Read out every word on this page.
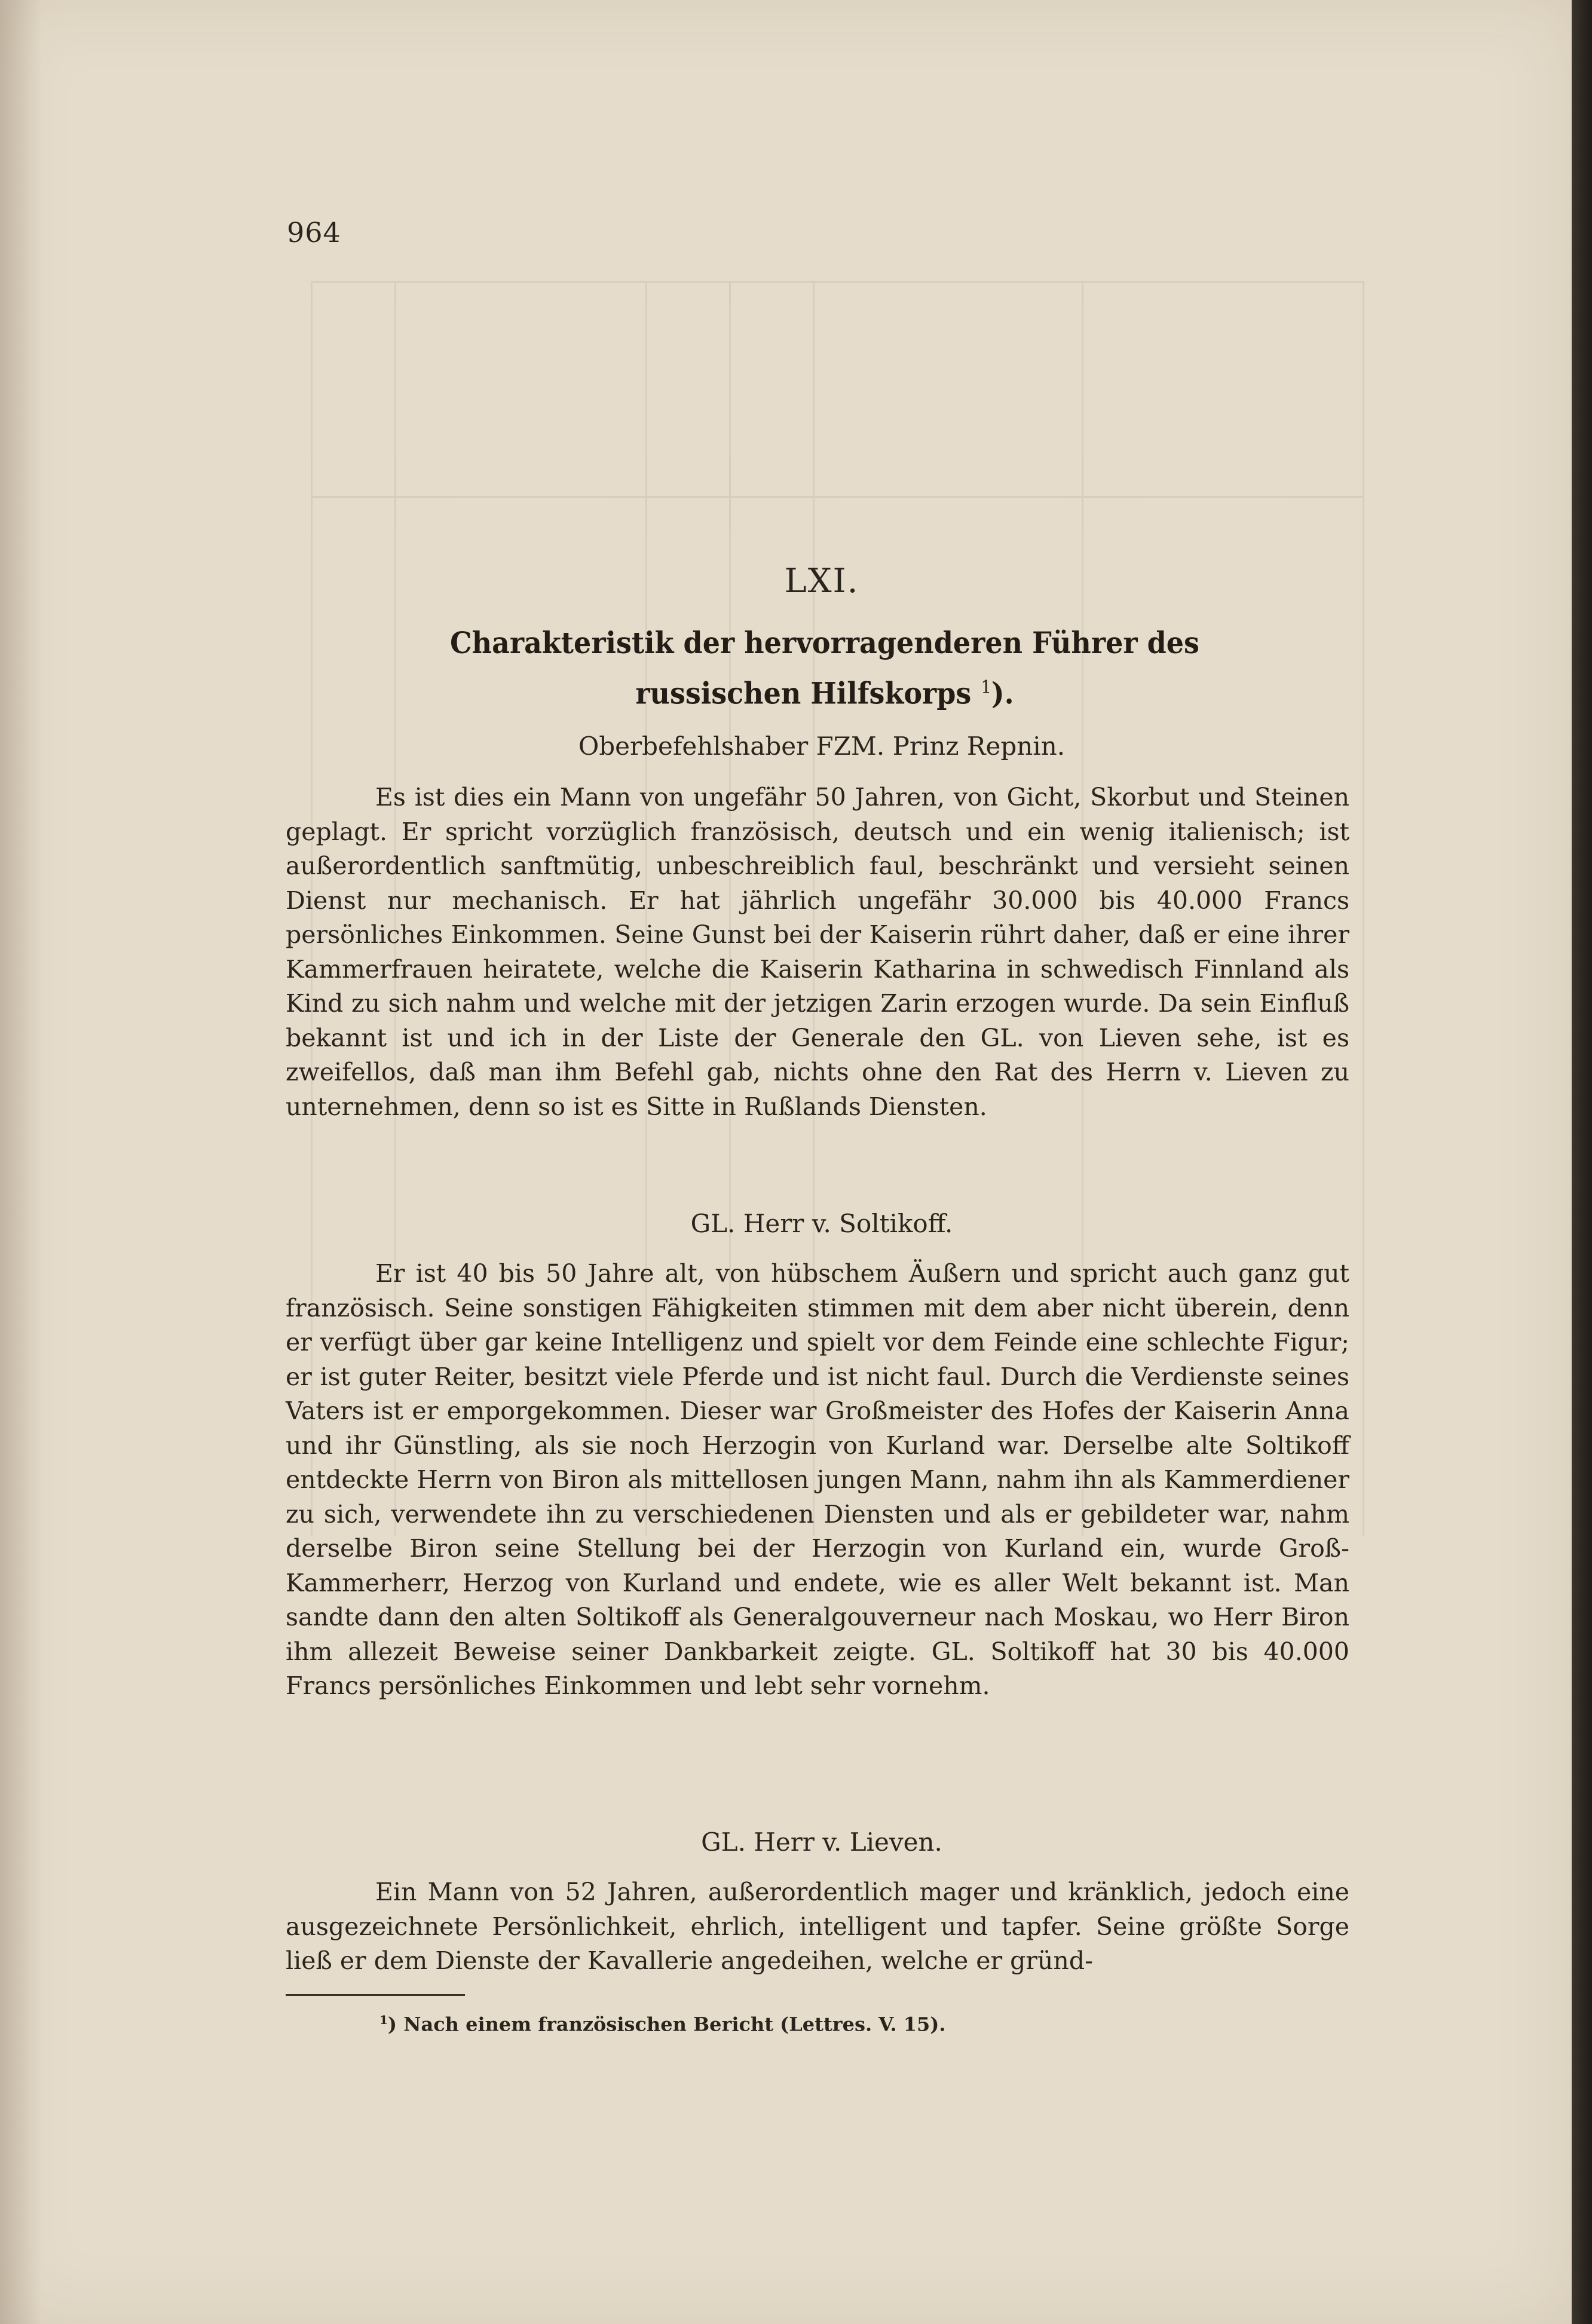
964
LXI.
Charakteristik der hervorragenderen Führer des russischen Hilfskorps $^1$).
Oberbefehlshaber FZM. Prinz Repnin.
Es ist dies ein Mann von ungefähr 50 Jahren, von Gicht, Skorbut und Steinen geplagt. Er spricht vorzüglich französisch, deutsch und ein wenig italienisch; ist außerordentlich sanftmütig, unbeschreiblich faul, beschränkt und versieht seinen Dienst nur mechanisch. Er hat jährlich ungefähr 30.000 bis 40.000 Francs persönliches Einkommen. Seine Gunst bei der Kaiserin rührt daher, daß er eine ihrer Kammerfrauen heiratete, welche die Kaiserin Katharina in schwedisch Finnland als Kind zu sich nahm und welche mit der jetzigen Zarin erzogen wurde. Da sein Einfluß bekannt ist und ich in der Liste der Generale den GL. von Lieven sehe, ist es zweifellos, daß man ihm Befehl gab, nichts ohne den Rat des Herrn v. Lieven zu unternehmen, denn so ist es Sitte in Rußlands Diensten.
GL. Herr v. Soltikoff.
Er ist 40 bis 50 Jahre alt, von hübschem Äußern und spricht auch ganz gut französisch. Seine sonstigen Fähigkeiten stimmen mit dem aber nicht überein, denn er verfügt über gar keine Intelligenz und spielt vor dem Feinde eine schlechte Figur; er ist guter Reiter, besitzt viele Pferde und ist nicht faul. Durch die Verdienste seines Vaters ist er emporgekommen. Dieser war Großmeister des Hofes der Kaiserin Anna und ihr Günstling, als sie noch Herzogin von Kurland war. Derselbe alte Soltikoff entdeckte Herrn von Biron als mittellosen jungen Mann, nahm ihn als Kammerdiener zu sich, verwendete ihn zu verschiedenen Diensten und als er gebildeter war, nahm derselbe Biron seine Stellung bei der Herzogin von Kurland ein, wurde Groß-Kammerherr, Herzog von Kurland und endete, wie es aller Welt bekannt ist. Man sandte dann den alten Soltikoff als Generalgouverneur nach Moskau, wo Herr Biron ihm allezeit Beweise seiner Dankbarkeit zeigte. GL. Soltikoff hat 30 bis 40.000 Francs persönliches Einkommen und lebt sehr vornehm.
GL. Herr v. Lieven.
Ein Mann von 52 Jahren, außerordentlich mager und kränklich, jedoch eine ausgezeichnete Persönlichkeit, ehrlich, intelligent und tapfer. Seine größte Sorge ließ er dem Dienste der Kavallerie angedeihen, welche er gründ-
$^1$) Nach einem französischen Bericht (Lettres. V. 15).
